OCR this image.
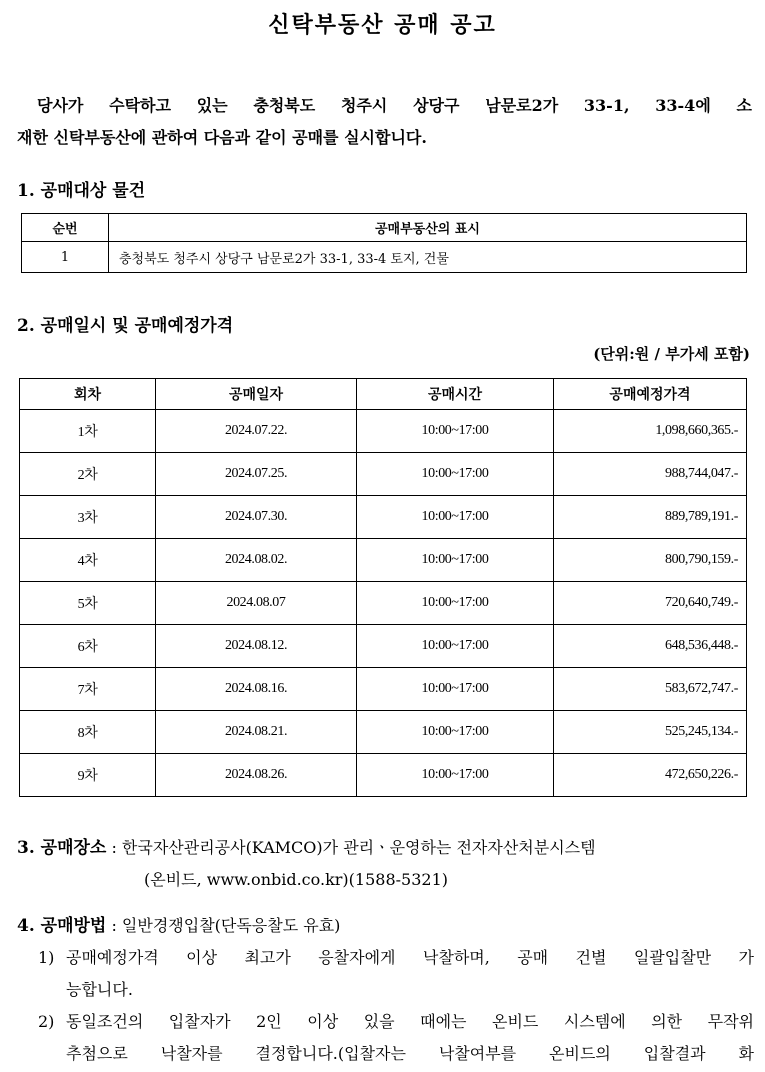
신탁부동산 공매 공고
당사가 수탁하고 있는 충청북도 청주시 상당구 남문로2가 33-1, 33-4에 소
재한 신탁부동산에 관하여 다음과 같이 공매를 실시합니다.
1. 공매대상 물건
순번	공매부동산의 표시
1	충청북도 청주시 상당구 남문로2가 33-1, 33-4 토지, 건물
2. 공매일시 및 공매예정가격
(단위:원 / 부가세 포함)
회차	공매일자	공매시간	공매예정가격
1차	2024.07.22.	10:00~17:00	1,098,660,365.-
2차	2024.07.25.	10:00~17:00	988,744,047.-
3차	2024.07.30.	10:00~17:00	889,789,191.-
4차	2024.08.02.	10:00~17:00	800,790,159.-
5차	2024.08.07	10:00~17:00	720,640,749.-
6차	2024.08.12.	10:00~17:00	648,536,448.-
7차	2024.08.16.	10:00~17:00	583,672,747.-
8차	2024.08.21.	10:00~17:00	525,245,134.-
9차	2024.08.26.	10:00~17:00	472,650,226.-
3. 공매장소 : 한국자산관리공사(KAMCO)가 관리ㆍ운영하는 전자자산처분시스템
(온비드, www.onbid.co.kr)(1588-5321)
4. 공매방법 : 일반경쟁입찰(단독응찰도 유효)
1) 공매예정가격 이상 최고가 응찰자에게 낙찰하며, 공매 건별 일괄입찰만 가
능합니다.
2) 동일조건의 입찰자가 2인 이상 있을 때에는 온비드 시스템에 의한 무작위
추첨으로 낙찰자를 결정합니다.(입찰자는 낙찰여부를 온비드의 입찰결과 화
